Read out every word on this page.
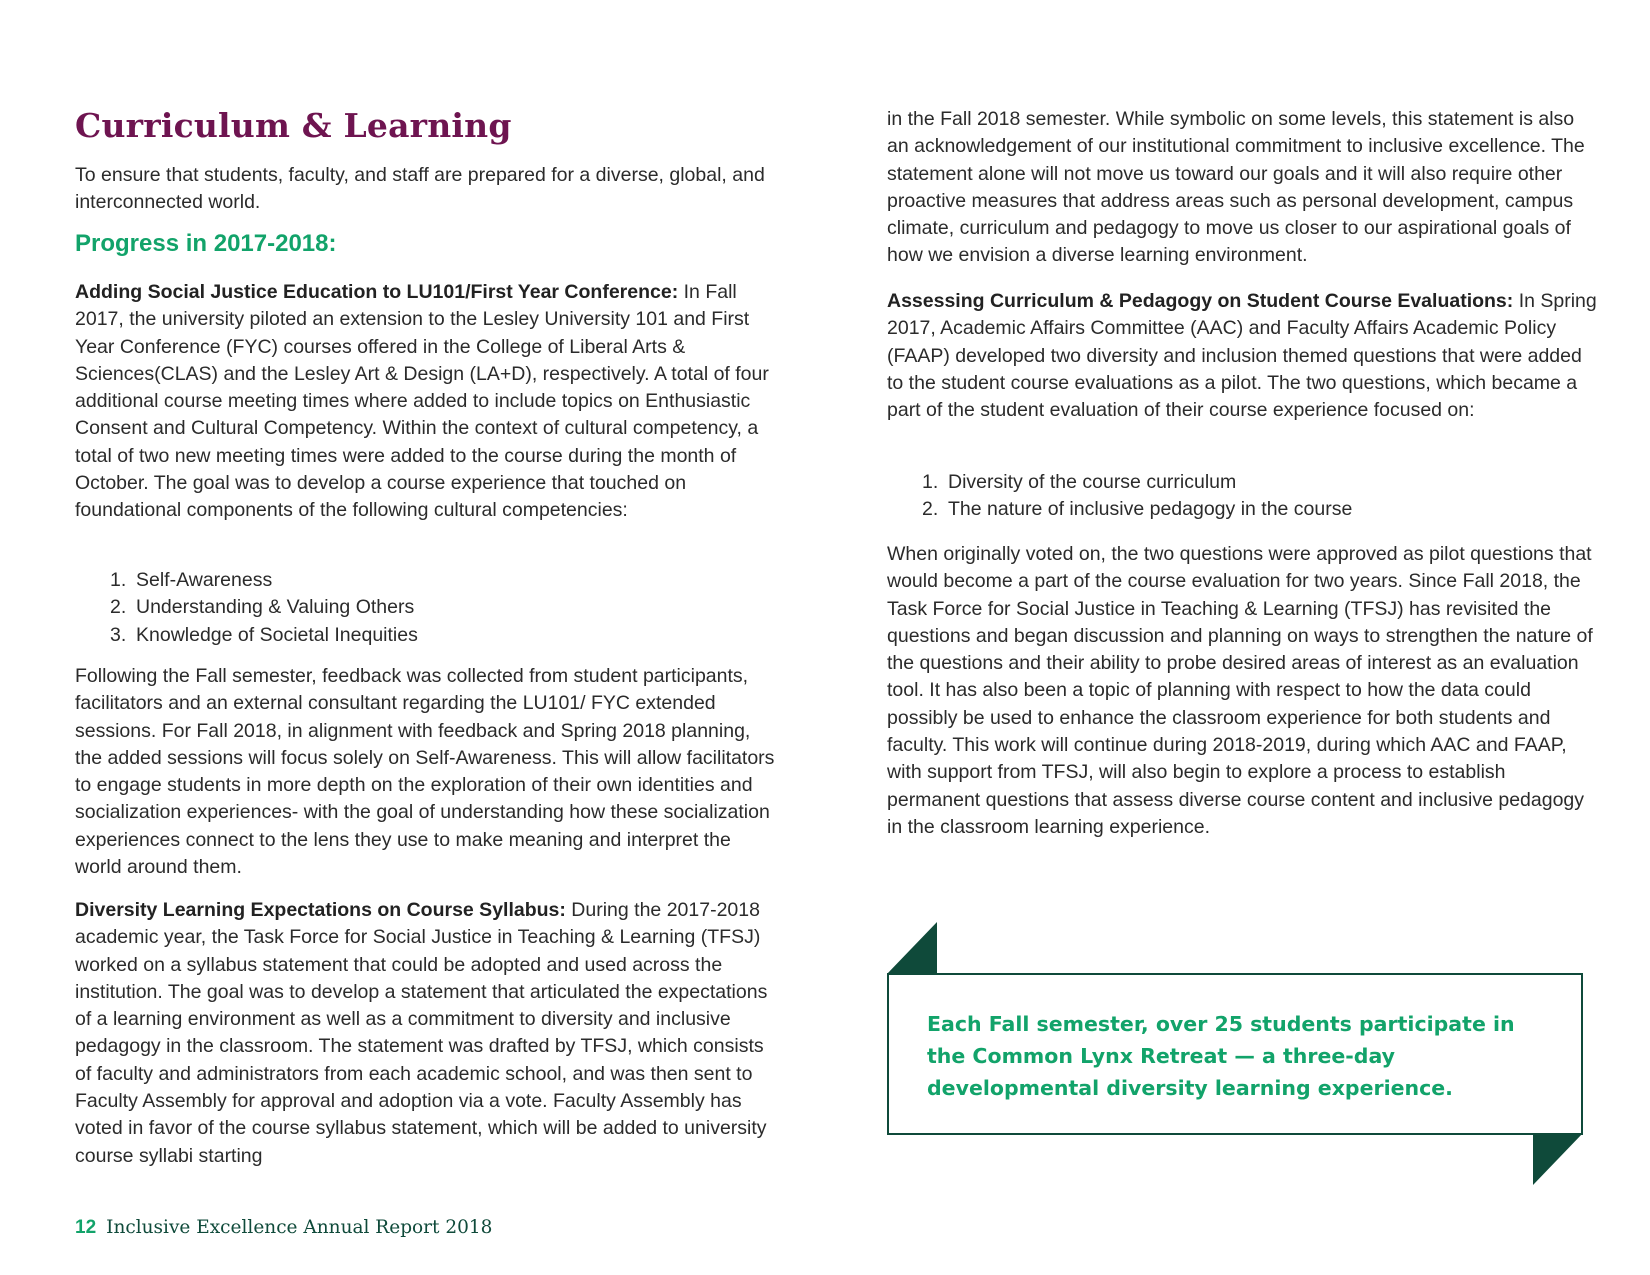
Curriculum & Learning

To ensure that students, faculty, and staff are prepared for a diverse, global, and interconnected world.

Progress in 2017-2018:

Adding Social Justice Education to LU101/First Year Conference: In Fall 2017, the university piloted an extension to the Lesley University 101 and First Year Conference (FYC) courses offered in the College of Liberal Arts & Sciences(CLAS) and the Lesley Art & Design (LA+D), respectively. A total of four additional course meeting times where added to include topics on Enthusiastic Consent and Cultural Competency. Within the context of cultural competency, a total of two new meeting times were added to the course during the month of October. The goal was to develop a course experience that touched on foundational components of the following cultural competencies:

1. Self-Awareness
2. Understanding & Valuing Others
3. Knowledge of Societal Inequities

Following the Fall semester, feedback was collected from student participants, facilitators and an external consultant regarding the LU101/ FYC extended sessions. For Fall 2018, in alignment with feedback and Spring 2018 planning, the added sessions will focus solely on Self-Awareness. This will allow facilitators to engage students in more depth on the exploration of their own identities and socialization experiences- with the goal of understanding how these socialization experiences connect to the lens they use to make meaning and interpret the world around them.

Diversity Learning Expectations on Course Syllabus: During the 2017-2018 academic year, the Task Force for Social Justice in Teaching & Learning (TFSJ) worked on a syllabus statement that could be adopted and used across the institution. The goal was to develop a statement that articulated the expectations of a learning environment as well as a commitment to diversity and inclusive pedagogy in the classroom. The statement was drafted by TFSJ, which consists of faculty and administrators from each academic school, and was then sent to Faculty Assembly for approval and adoption via a vote. Faculty Assembly has voted in favor of the course syllabus statement, which will be added to university course syllabi starting

in the Fall 2018 semester. While symbolic on some levels, this statement is also an acknowledgement of our institutional commitment to inclusive excellence. The statement alone will not move us toward our goals and it will also require other proactive measures that address areas such as personal development, campus climate, curriculum and pedagogy to move us closer to our aspirational goals of how we envision a diverse learning environment.

Assessing Curriculum & Pedagogy on Student Course Evaluations: In Spring 2017, Academic Affairs Committee (AAC) and Faculty Affairs Academic Policy (FAAP) developed two diversity and inclusion themed questions that were added to the student course evaluations as a pilot. The two questions, which became a part of the student evaluation of their course experience focused on:

1. Diversity of the course curriculum
2. The nature of inclusive pedagogy in the course

When originally voted on, the two questions were approved as pilot questions that would become a part of the course evaluation for two years. Since Fall 2018, the Task Force for Social Justice in Teaching & Learning (TFSJ) has revisited the questions and began discussion and planning on ways to strengthen the nature of the questions and their ability to probe desired areas of interest as an evaluation tool. It has also been a topic of planning with respect to how the data could possibly be used to enhance the classroom experience for both students and faculty. This work will continue during 2018-2019, during which AAC and FAAP, with support from TFSJ, will also begin to explore a process to establish permanent questions that assess diverse course content and inclusive pedagogy in the classroom learning experience.

Each Fall semester, over 25 students participate in the Common Lynx Retreat — a three-day developmental diversity learning experience.

12 Inclusive Excellence Annual Report 2018
